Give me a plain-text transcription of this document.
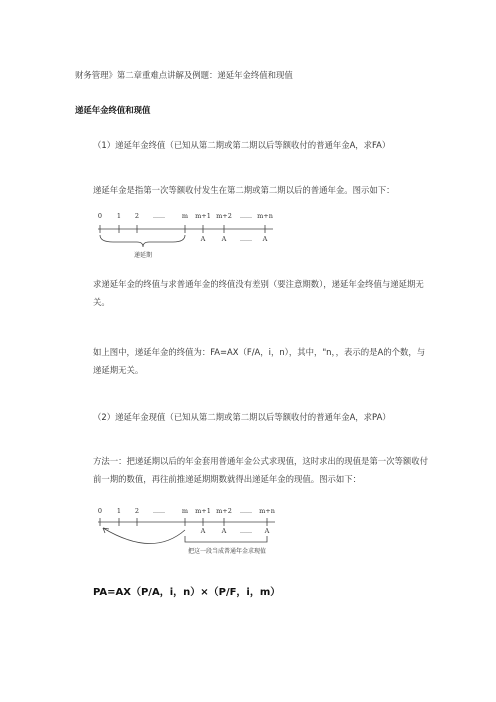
财务管理》第二章重难点讲解及例题：递延年金终值和现值

递延年金终值和现值

（1）递延年金终值（已知从第二期或第二期以后等额收付的普通年金A，求FA）

递延年金是指第一次等额收付发生在第二期或第二期以后的普通年金。图示如下：

0 1 2 ……	m m+1 m+2 …… m+n
A	A …… A
递延期

求递延年金的终值与求普通年金的终值没有差别（要注意期数），递延年金终值与递延期无关。

如上图中，递延年金的终值为：FA=AX（F/A，i，n），其中，"n，，表示的是A的个数，与递延期无关。

（2）递延年金现值（已知从第二期或第二期以后等额收付的普通年金A，求PA）

方法一：把递延期以后的年金套用普通年金公式求现值，这时求出的现值是第一次等额收付前一期的数值，再往前推递延期期数就得出递延年金的现值。图示如下：

0 1 2 ……	m m+1 m+2 …… m+n
A	A …… A
把这一段当成普通年金求现值

PA=AX（P/A，i，n）×（P/F，i，m）
